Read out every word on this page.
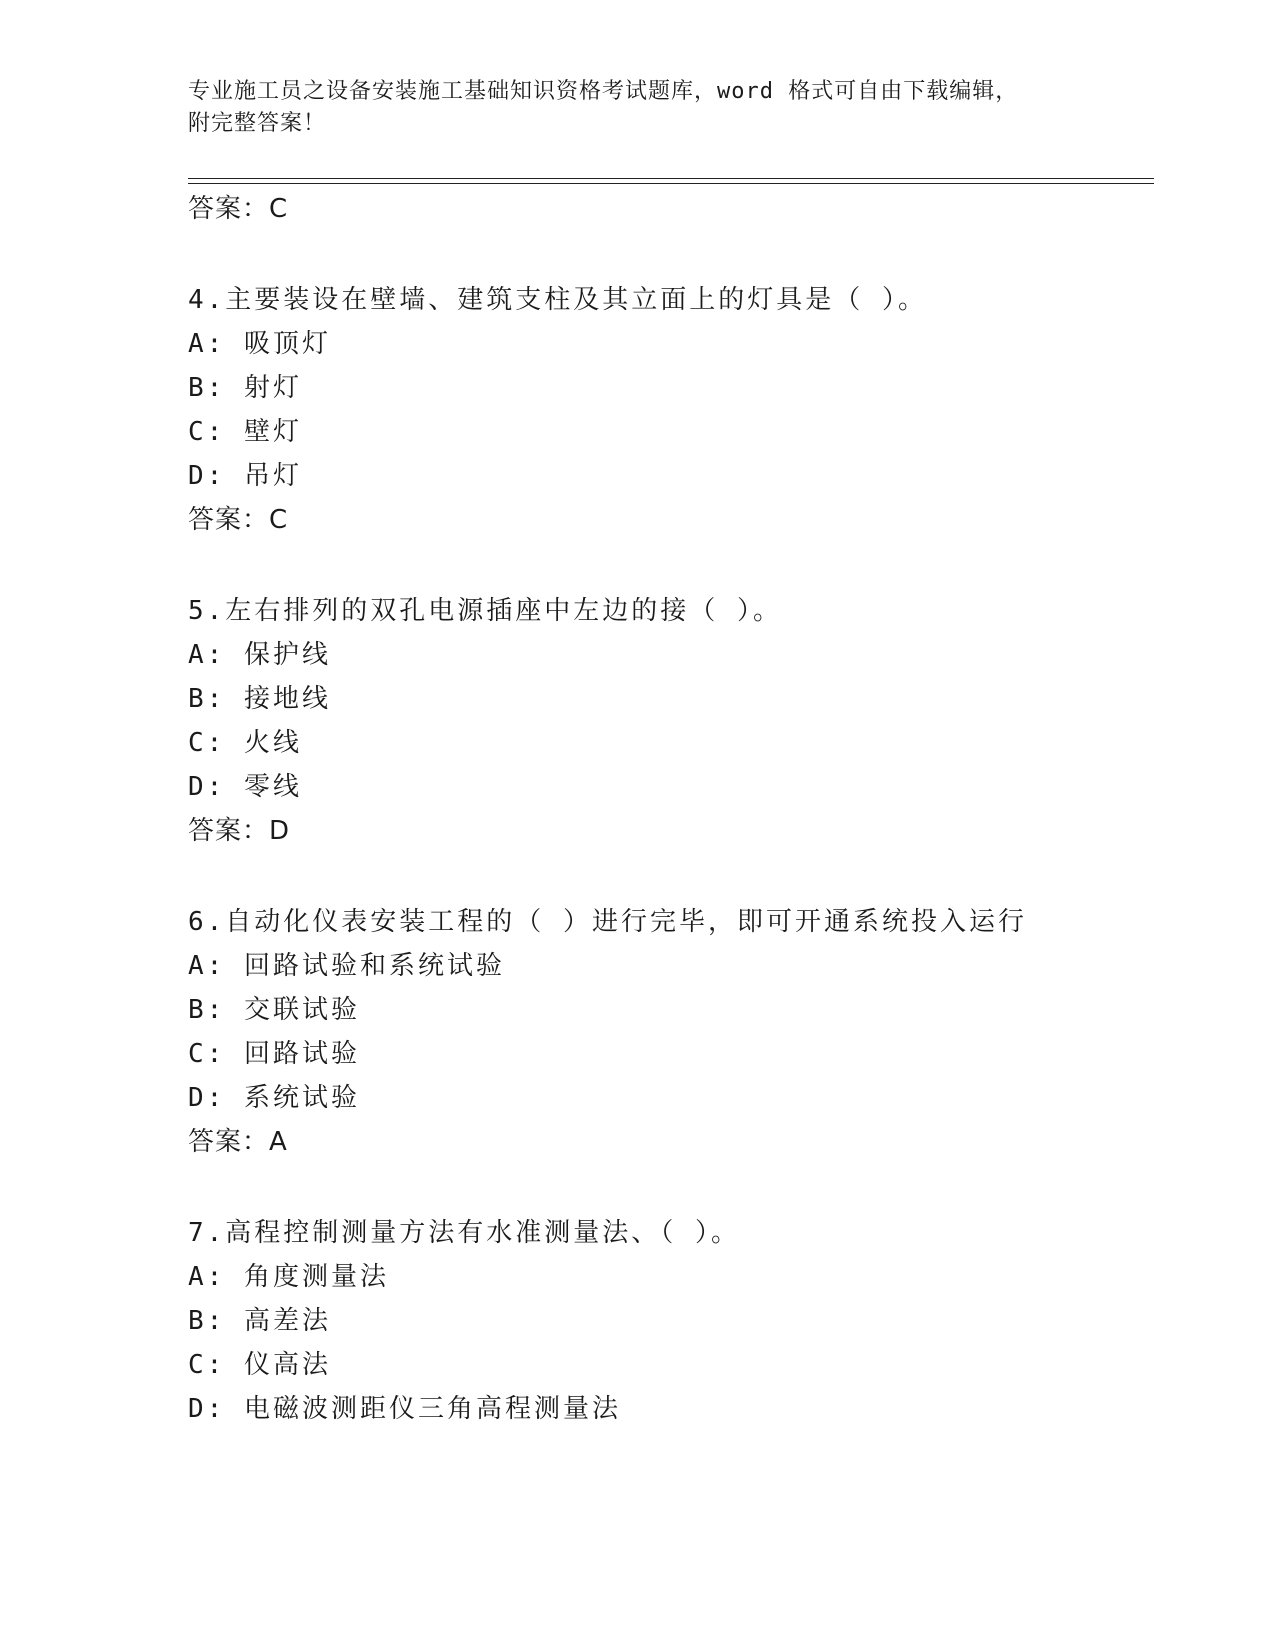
专业施工员之设备安装施工基础知识资格考试题库，word 格式可自由下载编辑，
附完整答案！
答案：C
4.主要装设在壁墙、建筑支柱及其立面上的灯具是（ ）。
A: 吸顶灯
B: 射灯
C: 壁灯
D: 吊灯
答案：C
5.左右排列的双孔电源插座中左边的接（ ）。
A: 保护线
B: 接地线
C: 火线
D: 零线
答案：D
6.自动化仪表安装工程的（ ）进行完毕，即可开通系统投入运行
A: 回路试验和系统试验
B: 交联试验
C: 回路试验
D: 系统试验
答案：A
7.高程控制测量方法有水准测量法、（ ）。
A: 角度测量法
B: 高差法
C: 仪高法
D: 电磁波测距仪三角高程测量法
